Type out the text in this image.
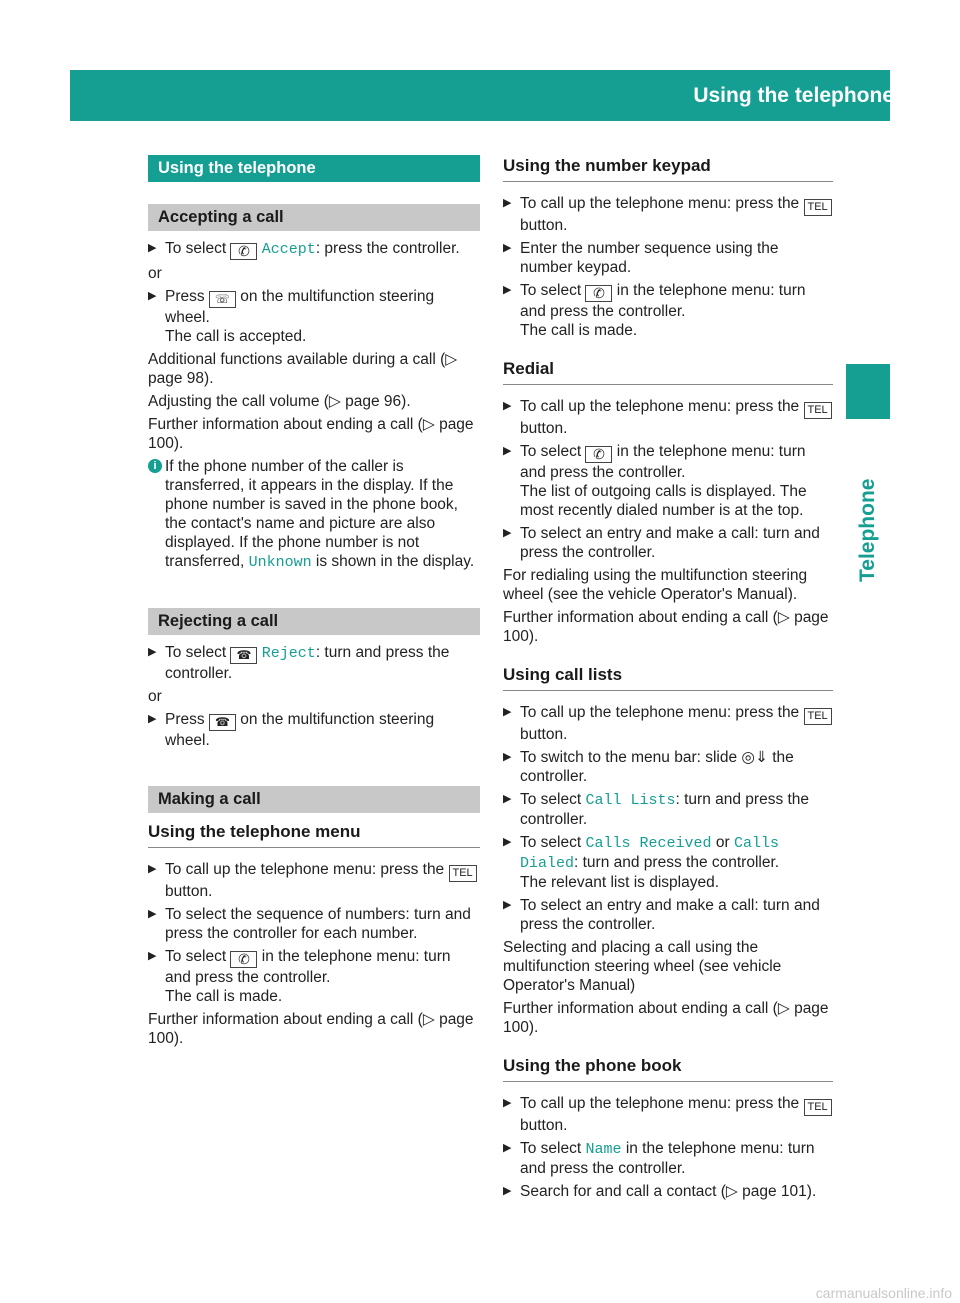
Using the telephone 97
Telephone
Using the telephone
Accepting a call
▶ To select ✆ Accept: press the controller.

or

▶ Press ☏ on the multifunction steering wheel.
The call is accepted.

Additional functions available during a call (▷ page 98).

Adjusting the call volume (▷ page 96).

Further information about ending a call (▷ page 100).

i If the phone number of the caller is transferred, it appears in the display. If the phone number is saved in the phone book, the contact's name and picture are also displayed. If the phone number is not transferred, Unknown is shown in the display.
Rejecting a call
▶ To select ☎ Reject: turn and press the controller.

or

▶ Press ☎ on the multifunction steering wheel.
Making a call
Using the telephone menu
▶ To call up the telephone menu: press the TEL button.
▶ To select the sequence of numbers: turn and press the controller for each number.
▶ To select ✆ in the telephone menu: turn and press the controller.
The call is made.

Further information about ending a call (▷ page 100).

Using the number keypad
▶ To call up the telephone menu: press the TEL button.
▶ Enter the number sequence using the number keypad.
▶ To select ✆ in the telephone menu: turn and press the controller.
The call is made.
Redial
▶ To call up the telephone menu: press the TEL button.
▶ To select ✆ in the telephone menu: turn and press the controller.
The list of outgoing calls is displayed. The most recently dialed number is at the top.
▶ To select an entry and make a call: turn and press the controller.

For redialing using the multifunction steering wheel (see the vehicle Operator's Manual).

Further information about ending a call (▷ page 100).

Using call lists
▶ To call up the telephone menu: press the TEL button.
▶ To switch to the menu bar: slide ◎⇓ the controller.
▶ To select Call Lists: turn and press the controller.
▶ To select Calls Received or Calls Dialed: turn and press the controller.
The relevant list is displayed.
▶ To select an entry and make a call: turn and press the controller.

Selecting and placing a call using the multifunction steering wheel (see vehicle Operator's Manual)

Further information about ending a call (▷ page 100).

Using the phone book
▶ To call up the telephone menu: press the TEL button.
▶ To select Name in the telephone menu: turn and press the controller.
▶ Search for and call a contact (▷ page 101).
carmanualsonline.info
